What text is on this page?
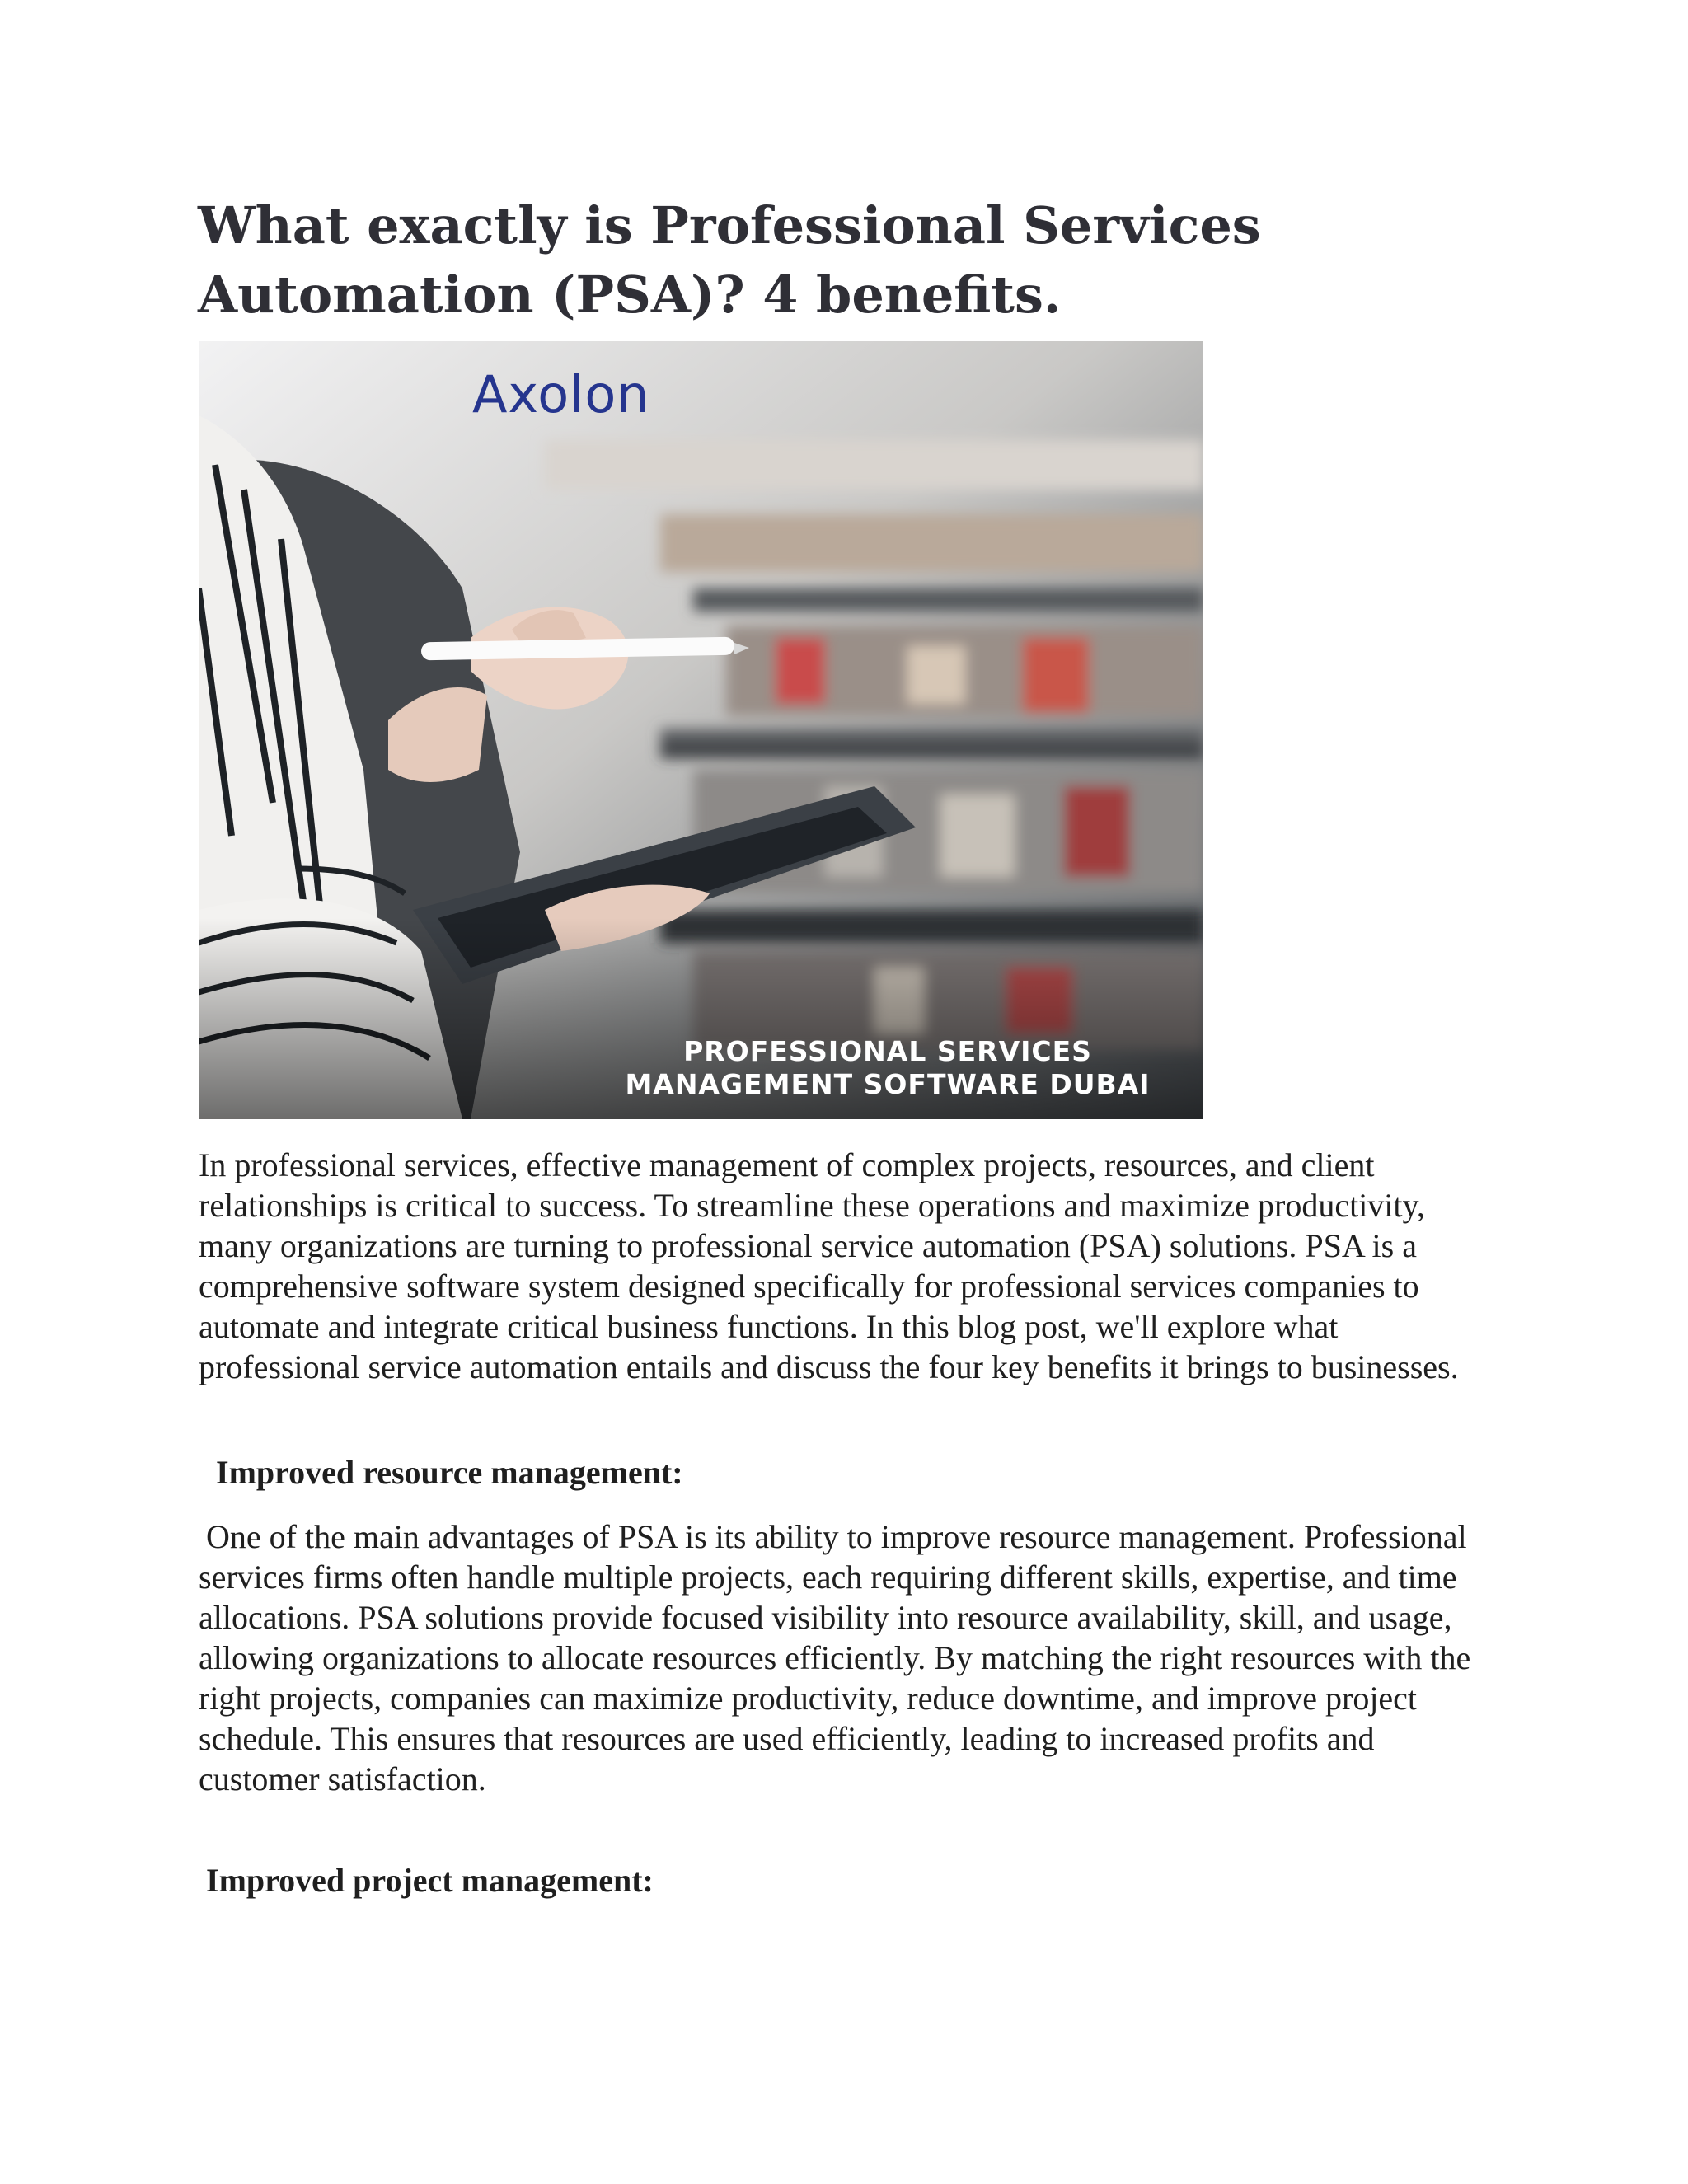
What exactly is Professional Services Automation (PSA)? 4 benefits.
Axolon
PROFESSIONAL SERVICES
MANAGEMENT SOFTWARE DUBAI

In professional services, effective management of complex projects, resources, and client relationships is critical to success. To streamline these operations and maximize productivity, many organizations are turning to professional service automation (PSA) solutions. PSA is a comprehensive software system designed specifically for professional services companies to automate and integrate critical business functions. In this blog post, we'll explore what professional service automation entails and discuss the four key benefits it brings to businesses.

Improved resource management:

One of the main advantages of PSA is its ability to improve resource management. Professional services firms often handle multiple projects, each requiring different skills, expertise, and time allocations. PSA solutions provide focused visibility into resource availability, skill, and usage, allowing organizations to allocate resources efficiently. By matching the right resources with the right projects, companies can maximize productivity, reduce downtime, and improve project schedule. This ensures that resources are used efficiently, leading to increased profits and customer satisfaction.

Improved project management:
